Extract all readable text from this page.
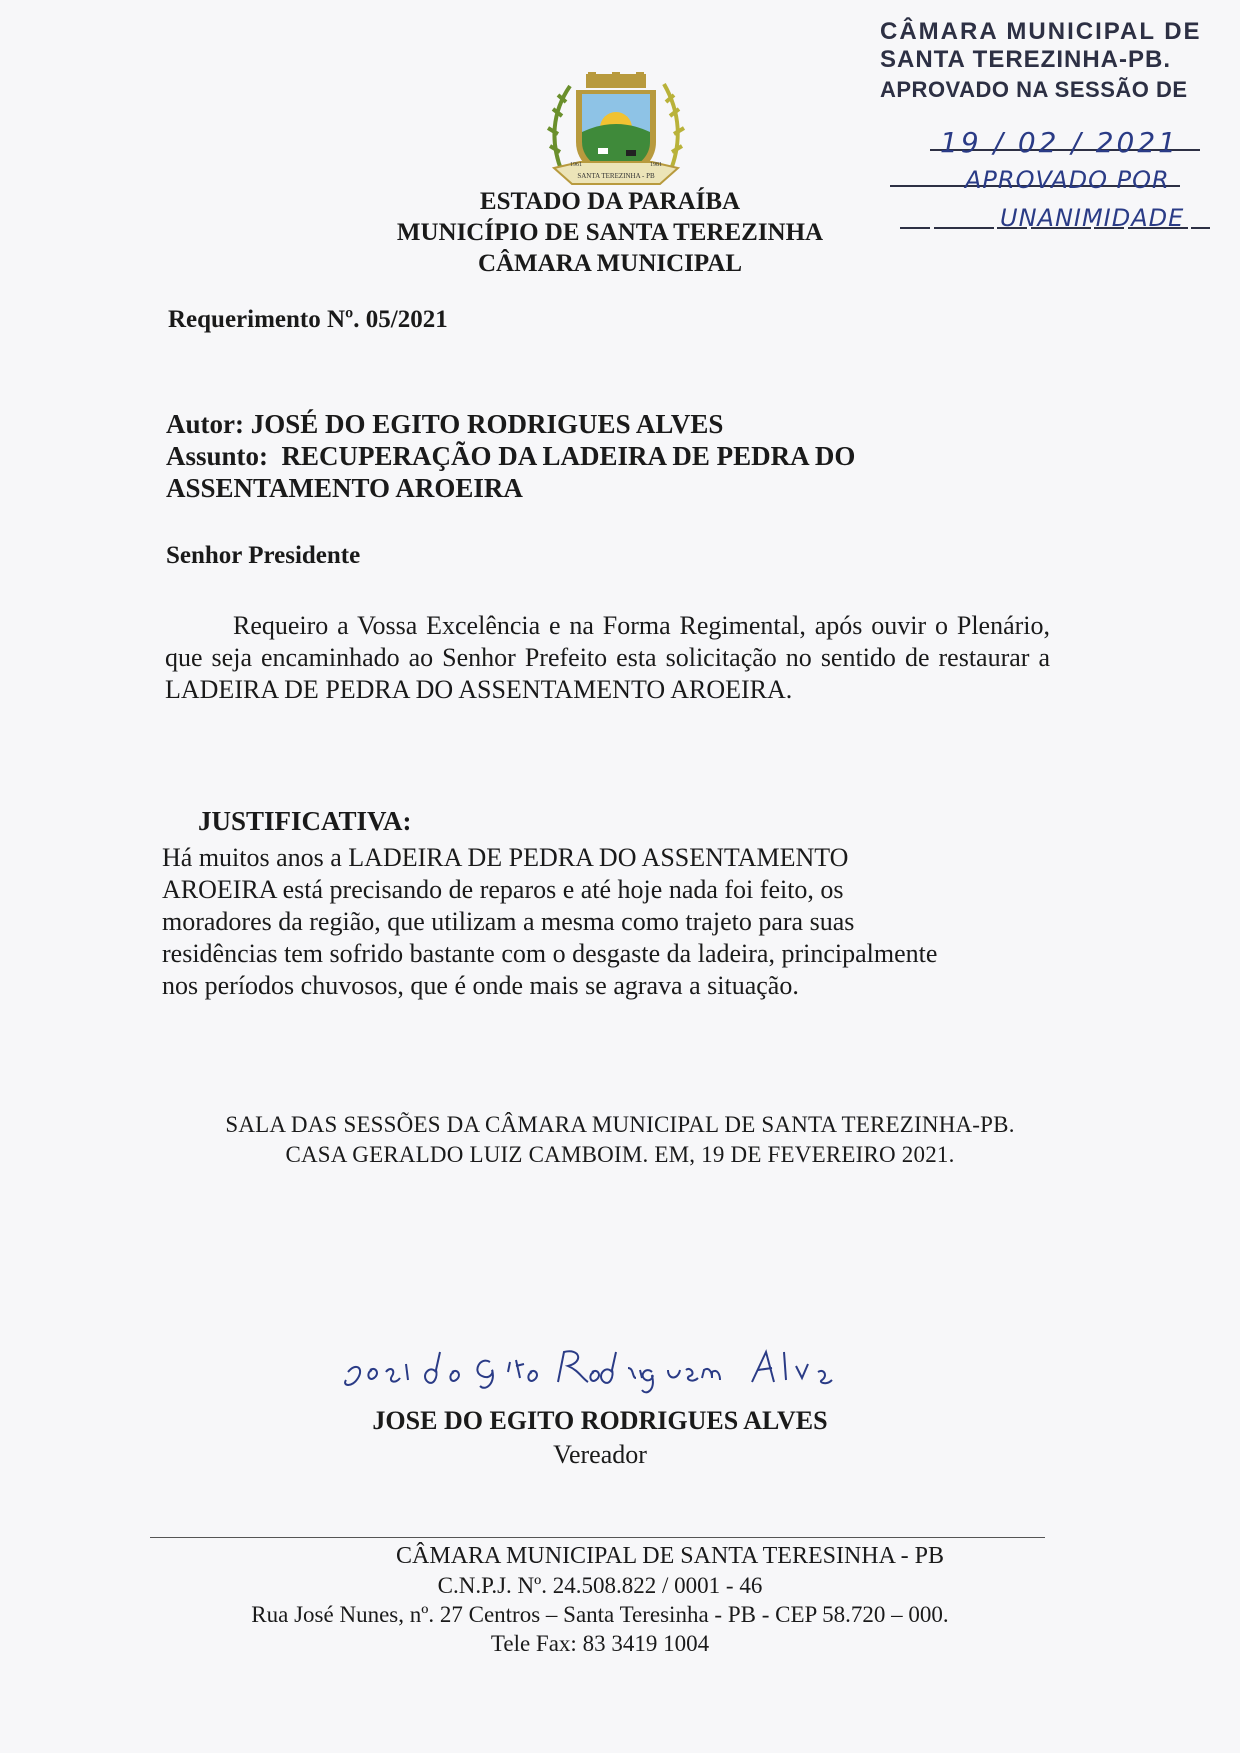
CÂMARA MUNICIPAL DE
SANTA TEREZINHA-PB.
APROVADO NA SESSÃO DE
19 / 02 / 2021
APROVADO POR
UNANIMIDADE
SANTA TEREZINHA - PB
1961	1981
ESTADO DA PARAÍBA
MUNICÍPIO DE SANTA TEREZINHA
CÂMARA MUNICIPAL
Requerimento Nº. 05/2021
Autor: JOSÉ DO EGITO RODRIGUES ALVES
Assunto: RECUPERAÇÃO DA LADEIRA DE PEDRA DO
ASSENTAMENTO AROEIRA
Senhor Presidente
Requeiro a Vossa Excelência e na Forma Regimental, após ouvir o Plenário, que seja encaminhado ao Senhor Prefeito esta solicitação no sentido de restaurar a LADEIRA DE PEDRA DO ASSENTAMENTO AROEIRA.
JUSTIFICATIVA:
Há muitos anos a LADEIRA DE PEDRA DO ASSENTAMENTO
AROEIRA está precisando de reparos e até hoje nada foi feito, os
moradores da região, que utilizam a mesma como trajeto para suas
residências tem sofrido bastante com o desgaste da ladeira, principalmente
nos períodos chuvosos, que é onde mais se agrava a situação.
SALA DAS SESSÕES DA CÂMARA MUNICIPAL DE SANTA TEREZINHA-PB.
CASA GERALDO LUIZ CAMBOIM. EM, 19 DE FEVEREIRO 2021.
JOSE DO EGITO RODRIGUES ALVES
Vereador
CÂMARA MUNICIPAL DE SANTA TERESINHA - PB
C.N.P.J. Nº. 24.508.822 / 0001 - 46
Rua José Nunes, nº. 27 Centros – Santa Teresinha - PB - CEP 58.720 – 000.
Tele Fax: 83 3419 1004
